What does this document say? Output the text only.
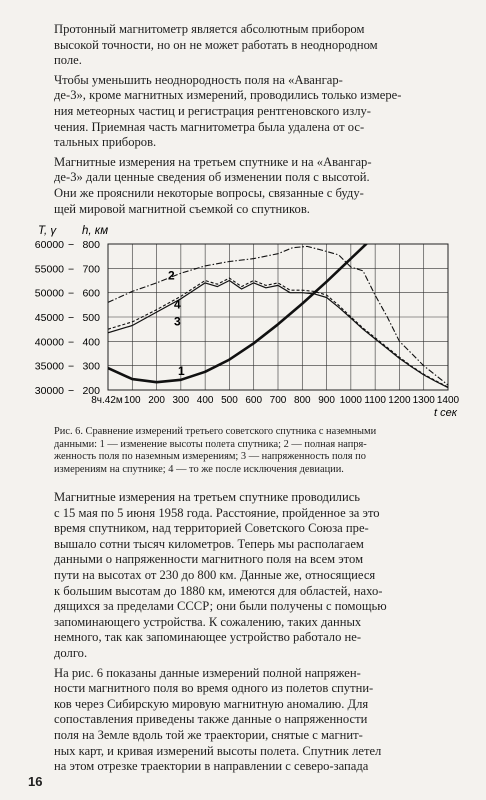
Протонный магнитометр является абсолютным прибором
высокой точности, но он не может работать в неоднородном
поле.

Чтобы уменьшить неоднородность поля на «Авангар-
де-3», кроме магнитных измерений, проводились только измере-
ния метеорных частиц и регистрация рентгеновского излу-
чения. Приемная часть магнитометра была удалена от ос-
тальных приборов.

Магнитные измерения на третьем спутнике и на «Авангар-
де-3» дали ценные сведения об изменении поля с высотой.
Они же прояснили некоторые вопросы, связанные с буду-
щей мировой магнитной съемкой со спутников.

30000
35000
40000
45000
50000
55000
60000
− 200
− 300
− 400
− 500
− 600
− 700
− 800
T, γ h, км
8ч.42м 100 200 300 400 500 600 700 800 900 1000 1100 1200 1300 1400
t сек
1
2
3
4

Рис. 6. Сравнение измерений третьего советского спутника с наземными
данными: 1 — изменение высоты полета спутника; 2 — полная напря-
женность поля по наземным измерениям; 3 — напряженность поля по
измерениям на спутнике; 4 — то же после исключения девиации.

Магнитные измерения на третьем спутнике проводились
с 15 мая по 5 июня 1958 года. Расстояние, пройденное за это
время спутником, над территорией Советского Союза пре-
вышало сотни тысяч километров. Теперь мы располагаем
данными о напряженности магнитного поля на всем этом
пути на высотах от 230 до 800 км. Данные же, относящиеся
к большим высотам до 1880 км, имеются для областей, нахо-
дящихся за пределами СССР; они были получены с помощью
запоминающего устройства. К сожалению, таких данных
немного, так как запоминающее устройство работало не-
долго.

На рис. 6 показаны данные измерений полной напряжен-
ности магнитного поля во время одного из полетов спутни-
ков через Сибирскую мировую магнитную аномалию. Для
сопоставления приведены также данные о напряженности
поля на Земле вдоль той же траектории, снятые с магнит-
ных карт, и кривая измерений высоты полета. Спутник летел
на этом отрезке траектории в направлении с северо-запада

16
